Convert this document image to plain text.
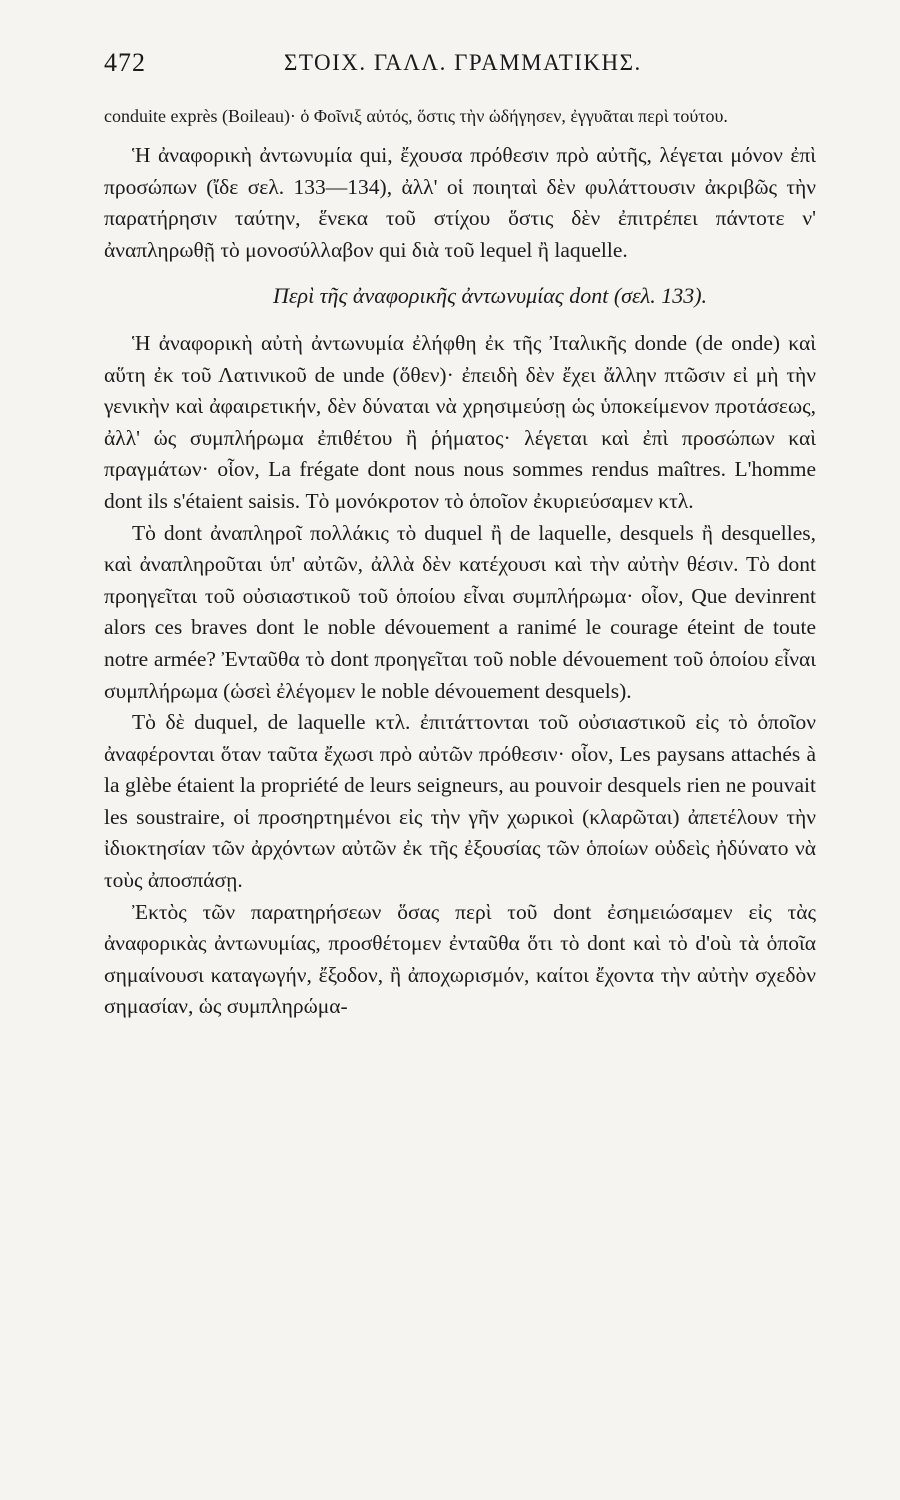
472	ΣΤΟΙΧ. ΓΑΛΛ. ΓΡΑΜΜΑΤΙΚΗΣ.

conduite exprès (Boileau)· ὁ Φοῖνιξ αὐτός, ὅστις τὴν ὡδήγησεν, ἐγγυᾶται περὶ τούτου.

Ἡ ἀναφορικὴ ἀντωνυμία qui, ἔχουσα πρόθεσιν πρὸ αὐτῆς, λέγεται μόνον ἐπὶ προσώπων (ἴδε σελ. 133—134), ἀλλ' οἱ ποιηταὶ δὲν φυλάττουσιν ἀκριβῶς τὴν παρατήρησιν ταύτην, ἕνεκα τοῦ στίχου ὅστις δὲν ἐπιτρέπει πάντοτε ν' ἀναπληρωθῇ τὸ μονοσύλλαβον qui διὰ τοῦ lequel ἢ laquelle.

Περὶ τῆς ἀναφορικῆς ἀντωνυμίας dont (σελ. 133).

Ἡ ἀναφορικὴ αὐτὴ ἀντωνυμία ἐλήφθη ἐκ τῆς Ἰταλικῆς donde (de onde) καὶ αὕτη ἐκ τοῦ Λατινικοῦ de unde (ὅθεν)· ἐπειδὴ δὲν ἔχει ἄλλην πτῶσιν εἰ μὴ τὴν γενικὴν καὶ ἀφαιρετικήν, δὲν δύναται νὰ χρησιμεύσῃ ὡς ὑποκείμενον προτάσεως, ἀλλ' ὡς συμπλήρωμα ἐπιθέτου ἢ ῥήματος· λέγεται καὶ ἐπὶ προσώπων καὶ πραγμάτων· οἷον, La frégate dont nous nous sommes rendus maîtres. L'homme dont ils s'étaient saisis. Τὸ μονόκροτον τὸ ὁποῖον ἐκυριεύσαμεν κτλ.

Τὸ dont ἀναπληροῖ πολλάκις τὸ duquel ἢ de laquelle, desquels ἢ desquelles, καὶ ἀναπληροῦται ὑπ' αὐτῶν, ἀλλὰ δὲν κατέχουσι καὶ τὴν αὐτὴν θέσιν. Τὸ dont προηγεῖται τοῦ οὐσιαστικοῦ τοῦ ὁποίου εἶναι συμπλήρωμα· οἷον, Que devinrent alors ces braves dont le noble dévouement a ranimé le courage éteint de toute notre armée? Ἐνταῦθα τὸ dont προηγεῖται τοῦ noble dévouement τοῦ ὁποίου εἶναι συμπλήρωμα (ὡσεὶ ἐλέγομεν le noble dévouement desquels).

Τὸ δὲ duquel, de laquelle κτλ. ἐπιτάττονται τοῦ οὐσιαστικοῦ εἰς τὸ ὁποῖον ἀναφέρονται ὅταν ταῦτα ἔχωσι πρὸ αὐτῶν πρόθεσιν· οἷον, Les paysans attachés à la glèbe étaient la propriété de leurs seigneurs, au pouvoir desquels rien ne pouvait les soustraire, οἱ προσηρτημένοι εἰς τὴν γῆν χωρικοὶ (κλαρῶται) ἀπετέλουν τὴν ἰδιοκτησίαν τῶν ἀρχόντων αὐτῶν ἐκ τῆς ἐξουσίας τῶν ὁποίων οὐδεὶς ἠδύνατο νὰ τοὺς ἀποσπάσῃ.

Ἐκτὸς τῶν παρατηρήσεων ὅσας περὶ τοῦ dont ἐσημειώσαμεν εἰς τὰς ἀναφορικὰς ἀντωνυμίας, προσθέτομεν ἐνταῦθα ὅτι τὸ dont καὶ τὸ d'où τὰ ὁποῖα σημαίνουσι καταγωγήν, ἔξοδον, ἢ ἀποχωρισμόν, καίτοι ἔχοντα τὴν αὐτὴν σχεδὸν σημασίαν, ὡς συμπληρώμα-
